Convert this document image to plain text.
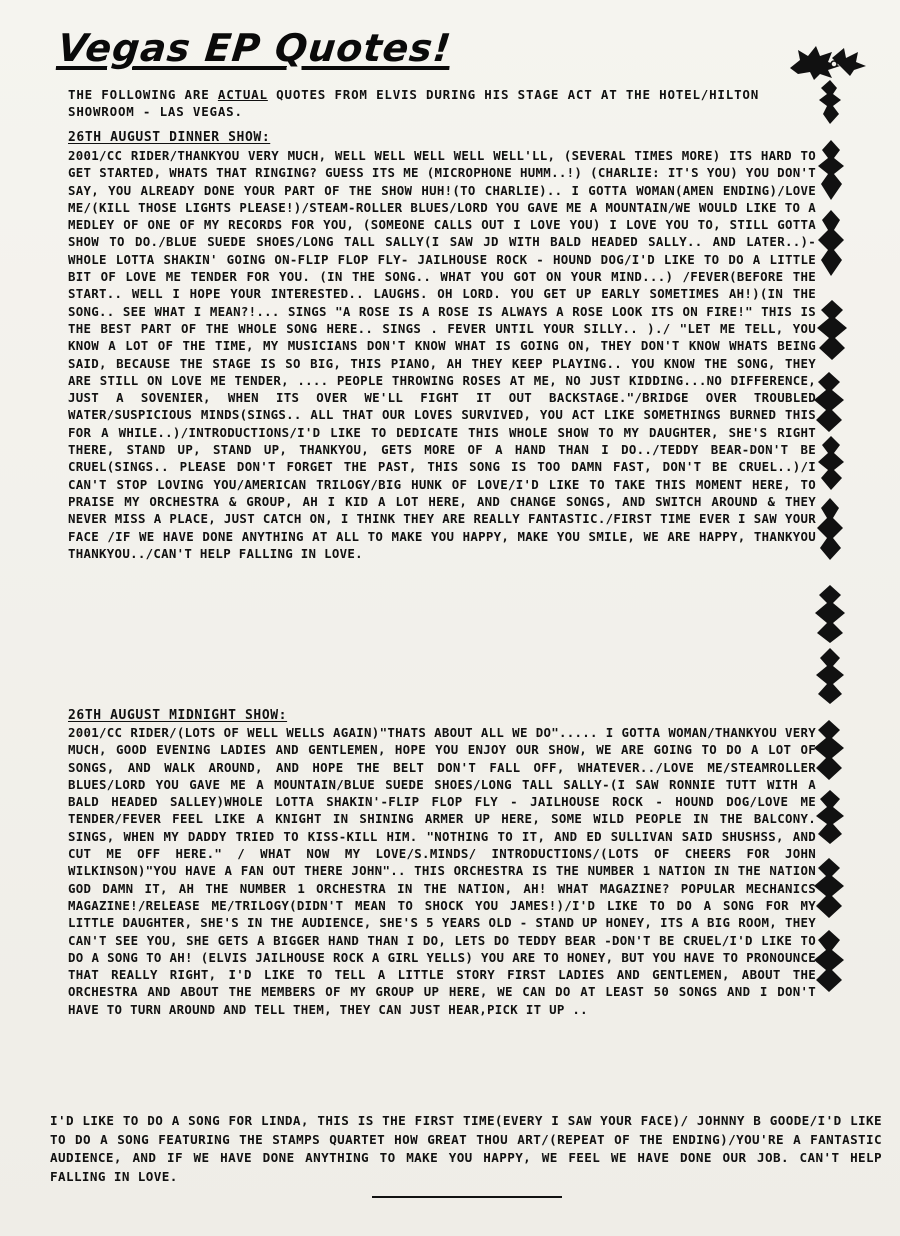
Vegas EP Quotes!
THE FOLLOWING ARE ACTUAL QUOTES FROM ELVIS DURING HIS STAGE ACT AT THE HOTEL/HILTON SHOWROOM - LAS VEGAS.
26TH AUGUST DINNER SHOW:
2001/CC RIDER/THANKYOU VERY MUCH, WELL WELL WELL WELL WELL'LL, (SEVERAL TIMES MORE) ITS HARD TO GET STARTED, WHATS THAT RINGING? GUESS ITS ME (MICROPHONE HUMM..!) (CHARLIE: IT'S YOU) YOU DON'T SAY, YOU ALREADY DONE YOUR PART OF THE SHOW HUH!(TO CHARLIE).. I GOTTA WOMAN(AMEN ENDING)/LOVE ME/(KILL THOSE LIGHTS PLEASE!)/STEAM-ROLLER BLUES/LORD YOU GAVE ME A MOUNTAIN/WE WOULD LIKE TO A MEDLEY OF ONE OF MY RECORDS FOR YOU, (SOMEONE CALLS OUT I LOVE YOU) I LOVE YOU TO, STILL GOTTA SHOW TO DO./BLUE SUEDE SHOES/LONG TALL SALLY(I SAW JD WITH BALD HEADED SALLY.. AND LATER..)-WHOLE LOTTA SHAKIN' GOING ON-FLIP FLOP FLY- JAILHOUSE ROCK - HOUND DOG/I'D LIKE TO DO A LITTLE BIT OF LOVE ME TENDER FOR YOU. (IN THE SONG.. WHAT YOU GOT ON YOUR MIND...) /FEVER(BEFORE THE START.. WELL I HOPE YOUR INTERESTED.. LAUGHS. OH LORD. YOU GET UP EARLY SOMETIMES AH!)(IN THE SONG.. SEE WHAT I MEAN?!... SINGS "A ROSE IS A ROSE IS ALWAYS A ROSE LOOK ITS ON FIRE!" THIS IS THE BEST PART OF THE WHOLE SONG HERE.. SINGS . FEVER UNTIL YOUR SILLY.. )./ "LET ME TELL, YOU KNOW A LOT OF THE TIME, MY MUSICIANS DON'T KNOW WHAT IS GOING ON, THEY DON'T KNOW WHATS BEING SAID, BECAUSE THE STAGE IS SO BIG, THIS PIANO, AH THEY KEEP PLAYING.. YOU KNOW THE SONG, THEY ARE STILL ON LOVE ME TENDER, .... PEOPLE THROWING ROSES AT ME, NO JUST KIDDING...NO DIFFERENCE, JUST A SOVENIER, WHEN ITS OVER WE'LL FIGHT IT OUT BACKSTAGE."/BRIDGE OVER TROUBLED WATER/SUSPICIOUS MINDS(SINGS.. ALL THAT OUR LOVES SURVIVED, YOU ACT LIKE SOMETHINGS BURNED THIS FOR A WHILE..)/INTRODUCTIONS/I'D LIKE TO DEDICATE THIS WHOLE SHOW TO MY DAUGHTER, SHE'S RIGHT THERE, STAND UP, STAND UP, THANKYOU, GETS MORE OF A HAND THAN I DO../TEDDY BEAR-DON'T BE CRUEL(SINGS.. PLEASE DON'T FORGET THE PAST, THIS SONG IS TOO DAMN FAST, DON'T BE CRUEL..)/I CAN'T STOP LOVING YOU/AMERICAN TRILOGY/BIG HUNK OF LOVE/I'D LIKE TO TAKE THIS MOMENT HERE, TO PRAISE MY ORCHESTRA & GROUP, AH I KID A LOT HERE, AND CHANGE SONGS, AND SWITCH AROUND & THEY NEVER MISS A PLACE, JUST CATCH ON, I THINK THEY ARE REALLY FANTASTIC./FIRST TIME EVER I SAW YOUR FACE /IF WE HAVE DONE ANYTHING AT ALL TO MAKE YOU HAPPY, MAKE YOU SMILE, WE ARE HAPPY, THANKYOU THANKYOU../CAN'T HELP FALLING IN LOVE.
26TH AUGUST MIDNIGHT SHOW:
2001/CC RIDER/(LOTS OF WELL WELLS AGAIN)"THATS ABOUT ALL WE DO"..... I GOTTA WOMAN/THANKYOU VERY MUCH, GOOD EVENING LADIES AND GENTLEMEN, HOPE YOU ENJOY OUR SHOW, WE ARE GOING TO DO A LOT OF SONGS, AND WALK AROUND, AND HOPE THE BELT DON'T FALL OFF, WHATEVER../LOVE ME/STEAMROLLER BLUES/LORD YOU GAVE ME A MOUNTAIN/BLUE SUEDE SHOES/LONG TALL SALLY-(I SAW RONNIE TUTT WITH A BALD HEADED SALLEY)WHOLE LOTTA SHAKIN'-FLIP FLOP FLY - JAILHOUSE ROCK - HOUND DOG/LOVE ME TENDER/FEVER FEEL LIKE A KNIGHT IN SHINING ARMER UP HERE, SOME WILD PEOPLE IN THE BALCONY. SINGS, WHEN MY DADDY TRIED TO KISS-KILL HIM. "NOTHING TO IT, AND ED SULLIVAN SAID SHUSHSS, AND CUT ME OFF HERE." / WHAT NOW MY LOVE/S.MINDS/ INTRODUCTIONS/(LOTS OF CHEERS FOR JOHN WILKINSON)"YOU HAVE A FAN OUT THERE JOHN".. THIS ORCHESTRA IS THE NUMBER 1 NATION IN THE NATION GOD DAMN IT, AH THE NUMBER 1 ORCHESTRA IN THE NATION, AH! WHAT MAGAZINE? POPULAR MECHANICS MAGAZINE!/RELEASE ME/TRILOGY(DIDN'T MEAN TO SHOCK YOU JAMES!)/I'D LIKE TO DO A SONG FOR MY LITTLE DAUGHTER, SHE'S IN THE AUDIENCE, SHE'S 5 YEARS OLD - STAND UP HONEY, ITS A BIG ROOM, THEY CAN'T SEE YOU, SHE GETS A BIGGER HAND THAN I DO, LETS DO TEDDY BEAR -DON'T BE CRUEL/I'D LIKE TO DO A SONG TO AH! (ELVIS JAILHOUSE ROCK A GIRL YELLS) YOU ARE TO HONEY, BUT YOU HAVE TO PRONOUNCE THAT REALLY RIGHT, I'D LIKE TO TELL A LITTLE STORY FIRST LADIES AND GENTLEMEN, ABOUT THE ORCHESTRA AND ABOUT THE MEMBERS OF MY GROUP UP HERE, WE CAN DO AT LEAST 50 SONGS AND I DON'T HAVE TO TURN AROUND AND TELL THEM, THEY CAN JUST HEAR,PICK IT UP ..
I'D LIKE TO DO A SONG FOR LINDA, THIS IS THE FIRST TIME(EVERY I SAW YOUR FACE)/ JOHNNY B GOODE/I'D LIKE TO DO A SONG FEATURING THE STAMPS QUARTET HOW GREAT THOU ART/(REPEAT OF THE ENDING)/YOU'RE A FANTASTIC AUDIENCE, AND IF WE HAVE DONE ANYTHING TO MAKE YOU HAPPY, WE FEEL WE HAVE DONE OUR JOB. CAN'T HELP FALLING IN LOVE.
